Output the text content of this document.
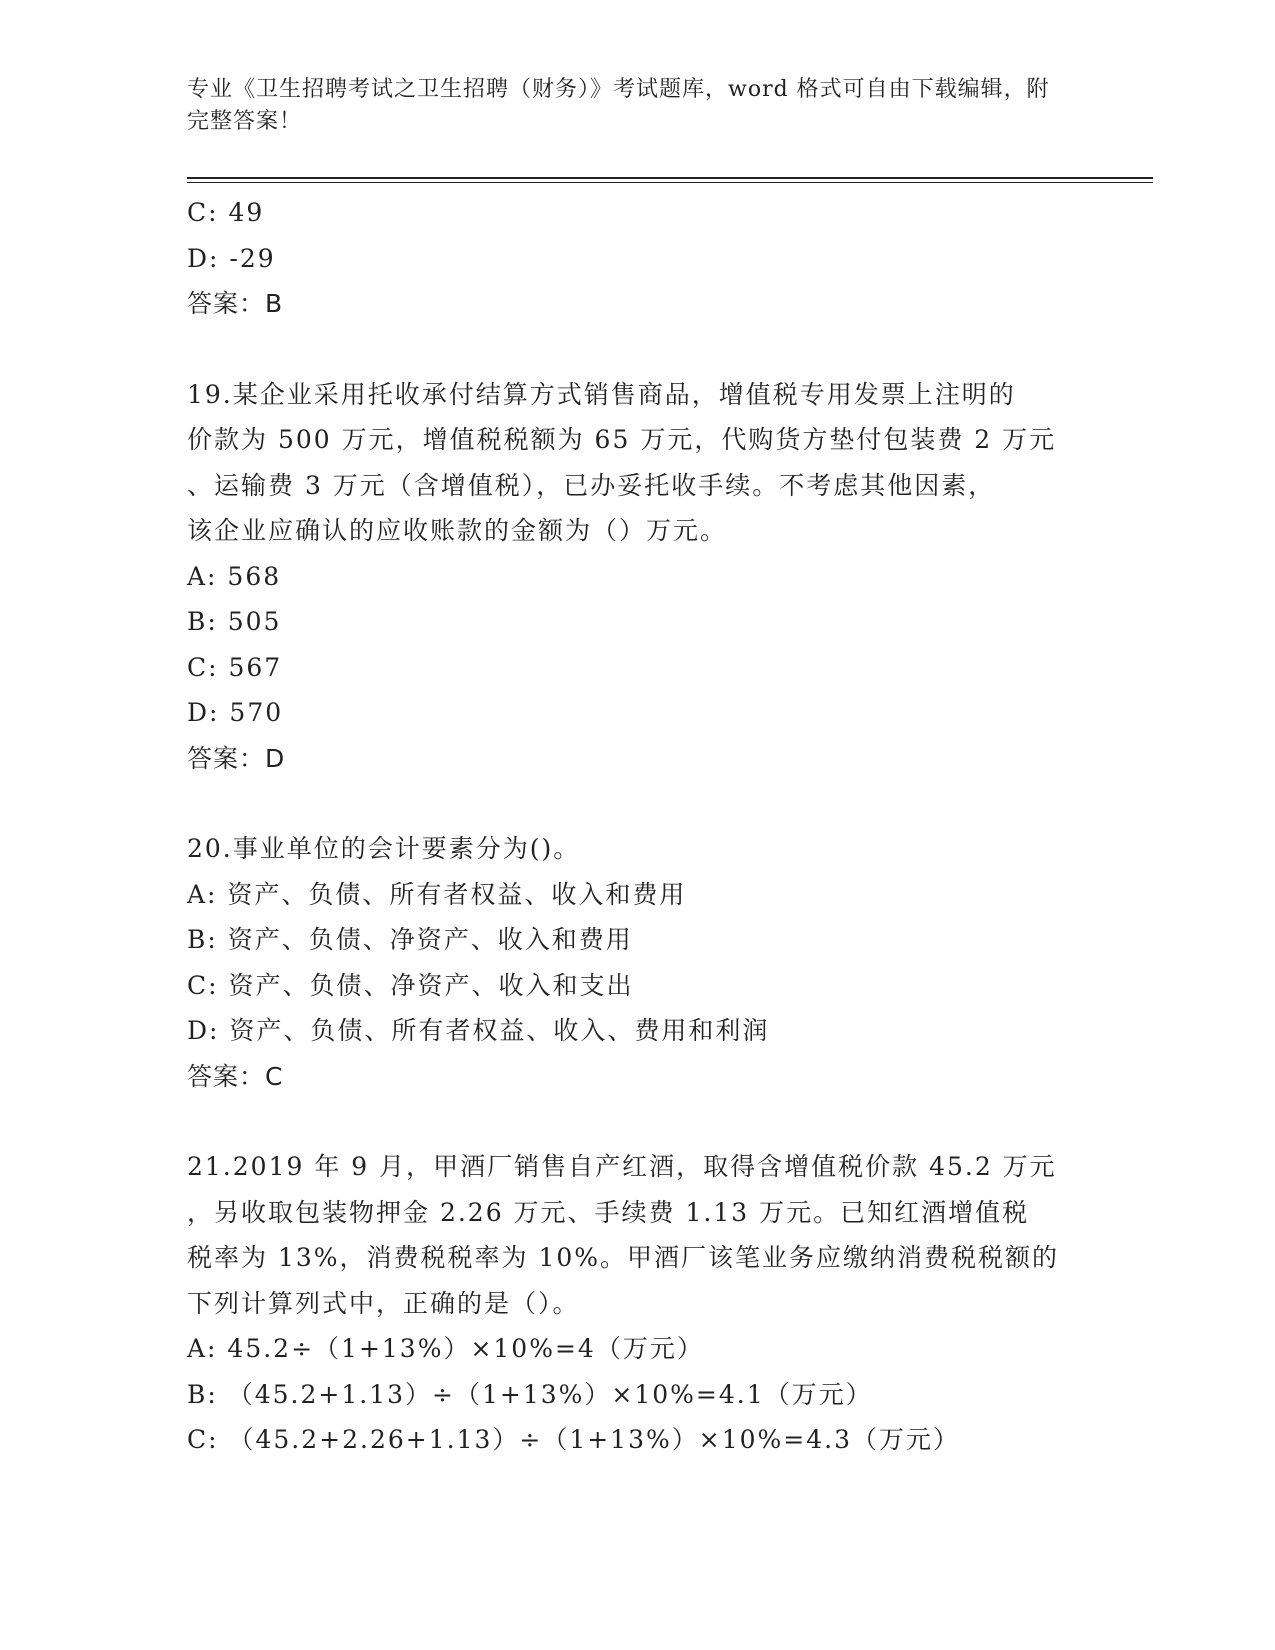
专业《卫生招聘考试之卫生招聘（财务）》考试题库，word 格式可自由下载编辑，附完整答案！
C: 49
D: -29
答案：B
19.某企业采用托收承付结算方式销售商品，增值税专用发票上注明的
价款为 500 万元，增值税税额为 65 万元，代购货方垫付包装费 2 万元
、运输费 3 万元（含增值税），已办妥托收手续。不考虑其他因素，
该企业应确认的应收账款的金额为（）万元。
A: 568
B: 505
C: 567
D: 570
答案：D
20.事业单位的会计要素分为()。
A: 资产、负债、所有者权益、收入和费用
B: 资产、负债、净资产、收入和费用
C: 资产、负债、净资产、收入和支出
D: 资产、负债、所有者权益、收入、费用和利润
答案：C
21.2019 年 9 月，甲酒厂销售自产红酒，取得含增值税价款 45.2 万元
，另收取包装物押金 2.26 万元、手续费 1.13 万元。已知红酒增值税
税率为 13%，消费税税率为 10%。甲酒厂该笔业务应缴纳消费税税额的
下列计算列式中，正确的是（）。
A: 45.2÷（1+13%）×10%=4（万元）
B: （45.2+1.13）÷（1+13%）×10%=4.1（万元）
C: （45.2+2.26+1.13）÷（1+13%）×10%=4.3（万元）
